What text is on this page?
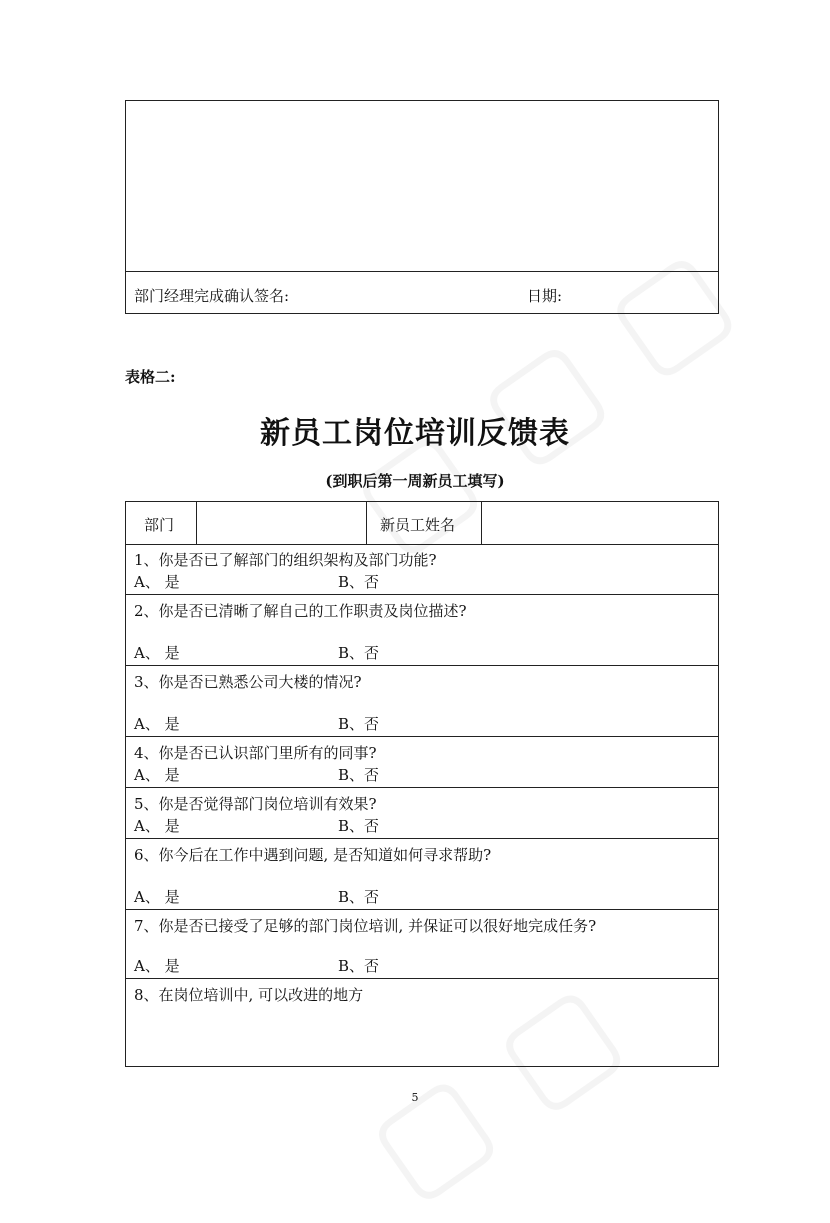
部门经理完成确认签名:	日期:
表格二:
新员工岗位培训反馈表
(到职后第一周新员工填写)
部门	新员工姓名
1、你是否已了解部门的组织架构及部门功能?
A、 是	B、否
2、你是否已清晰了解自己的工作职责及岗位描述?
A、 是	B、否
3、你是否已熟悉公司大楼的情况?
A、 是	B、否
4、你是否已认识部门里所有的同事?
A、 是	B、否
5、你是否觉得部门岗位培训有效果?
A、 是	B、否
6、你今后在工作中遇到问题, 是否知道如何寻求帮助?
A、 是	B、否
7、你是否已接受了足够的部门岗位培训, 并保证可以很好地完成任务?
A、 是	B、否
8、在岗位培训中, 可以改进的地方
5
